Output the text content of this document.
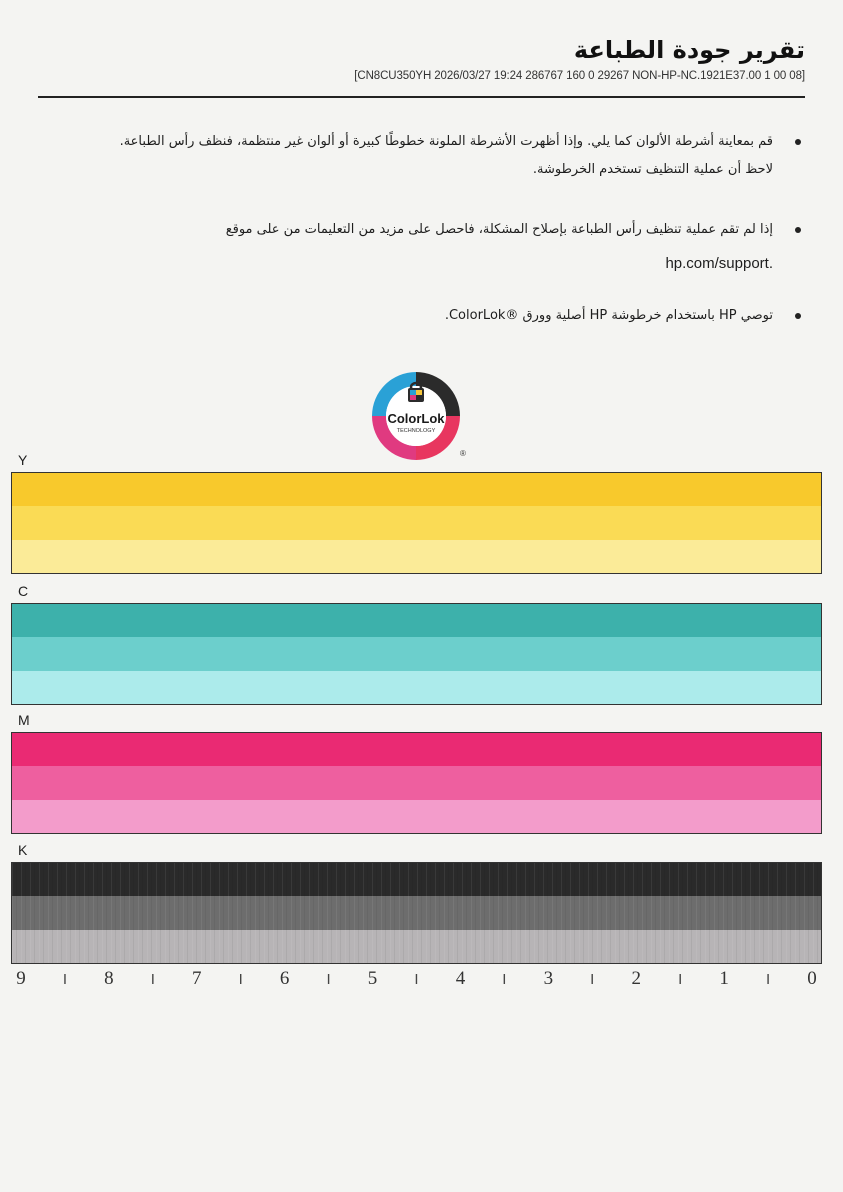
تقرير جودة الطباعة
[CN8CU350YH 2026/03/27 19:24 286767 160 0 29267 NON-HP-NC.1921E37.00 1 00 08]
قم بمعاينة أشرطة الألوان كما يلي. وإذا أظهرت الأشرطة الملونة خطوطًا كبيرة أو ألوان غير منتظمة، فنظف رأس الطباعة.
لاحظ أن عملية التنظيف تستخدم الخرطوشة.
إذا لم تقم عملية تنظيف رأس الطباعة بإصلاح المشكلة، فاحصل على مزيد من التعليمات من على موقع
hp.com/support.
توصي HP باستخدام خرطوشة HP أصلية وورق ®ColorLok.
ColorLok
TECHNOLOGY
®
Y
C
M
K
9 I 8 I 7 I 6 I 5 I 4 I 3 I 2 I 1 I 0
